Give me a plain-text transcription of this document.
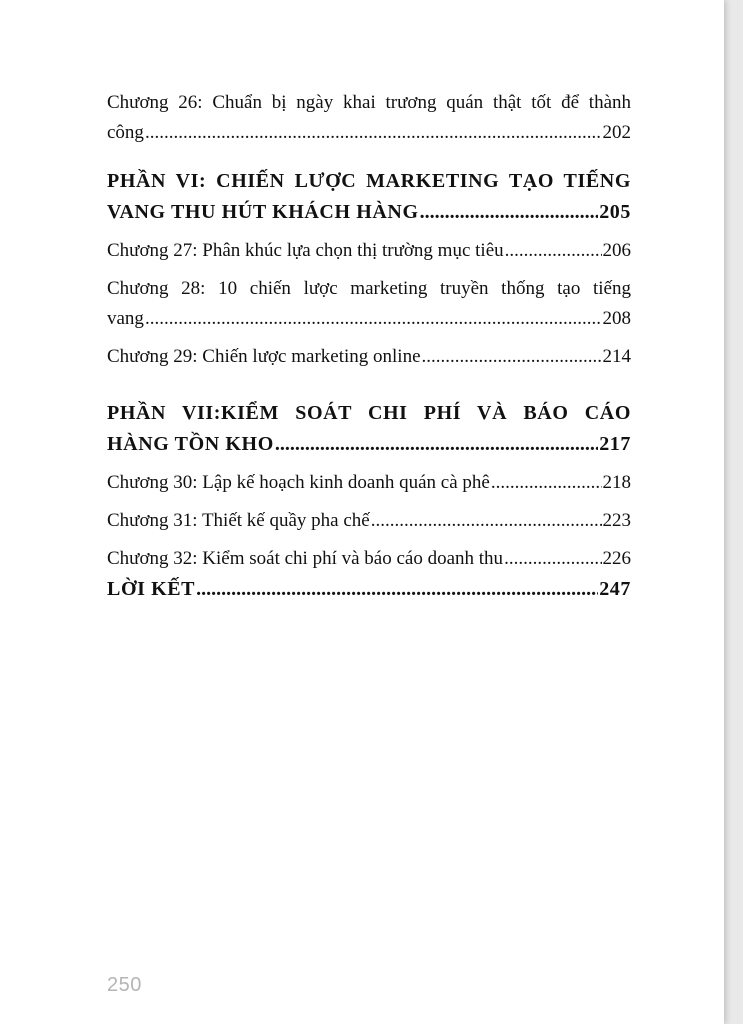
Chương 26: Chuẩn bị ngày khai trương quán thật tốt để thành
công .....	202
PHẦN VI: CHIẾN LƯỢC MARKETING TẠO TIẾNG
VANG THU HÚT KHÁCH HÀNG .....	205
Chương 27: Phân khúc lựa chọn thị trường mục tiêu .....	206
Chương 28: 10 chiến lược marketing truyền thống tạo tiếng
vang .....	208
Chương 29: Chiến lược marketing online .....	214
PHẦN VII:KIỂM SOÁT CHI PHÍ VÀ BÁO CÁO
HÀNG TỒN KHO .....	217
Chương 30: Lập kế hoạch kinh doanh quán cà phê .....	218
Chương 31: Thiết kế quầy pha chế .....	223
Chương 32: Kiểm soát chi phí và báo cáo doanh thu .....	226
LỜI KẾT .....	247
250
